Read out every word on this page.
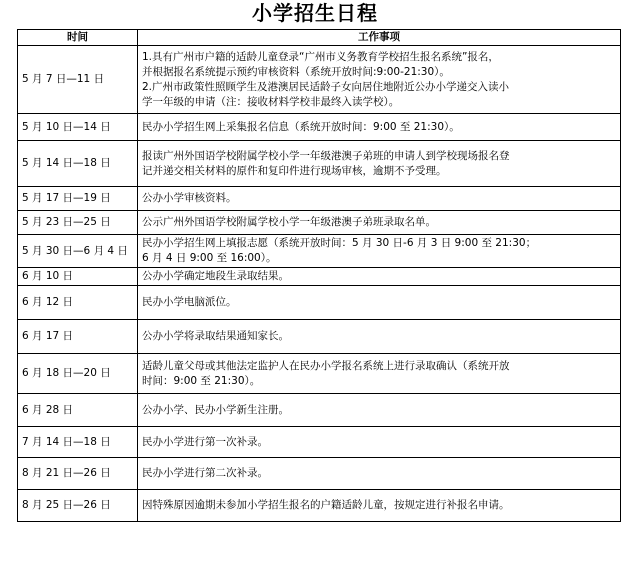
小学招生日程
时间	工作事项
5 月 7 日—11 日	1.具有广州市户籍的适龄儿童登录“广州市义务教育学校招生报名系统”报名，
并根据报名系统提示预约审核资料（系统开放时间:9:00-21:30）。
2.广州市政策性照顾学生及港澳居民适龄子女向居住地附近公办小学递交入读小
学一年级的申请（注：接收材料学校非最终入读学校）。

5 月 10 日—14 日	民办小学招生网上采集报名信息（系统开放时间：9:00 至 21:30）。

5 月 14 日—18 日	报读广州外国语学校附属学校小学一年级港澳子弟班的申请人到学校现场报名登
记并递交相关材料的原件和复印件进行现场审核，逾期不予受理。

5 月 17 日—19 日	公办小学审核资料。

5 月 23 日—25 日	公示广州外国语学校附属学校小学一年级港澳子弟班录取名单。

5 月 30 日—6 月 4 日	民办小学招生网上填报志愿（系统开放时间：5 月 30 日-6 月 3 日 9:00 至 21:30；
6 月 4 日 9:00 至 16:00）。

6 月 10 日	公办小学确定地段生录取结果。

6 月 12 日	民办小学电脑派位。

6 月 17 日	公办小学将录取结果通知家长。

6 月 18 日—20 日	适龄儿童父母或其他法定监护人在民办小学报名系统上进行录取确认（系统开放
时间：9:00 至 21:30）。

6 月 28 日	公办小学、民办小学新生注册。

7 月 14 日—18 日	民办小学进行第一次补录。

8 月 21 日—26 日	民办小学进行第二次补录。

8 月 25 日—26 日	因特殊原因逾期未参加小学招生报名的户籍适龄儿童，按规定进行补报名申请。
